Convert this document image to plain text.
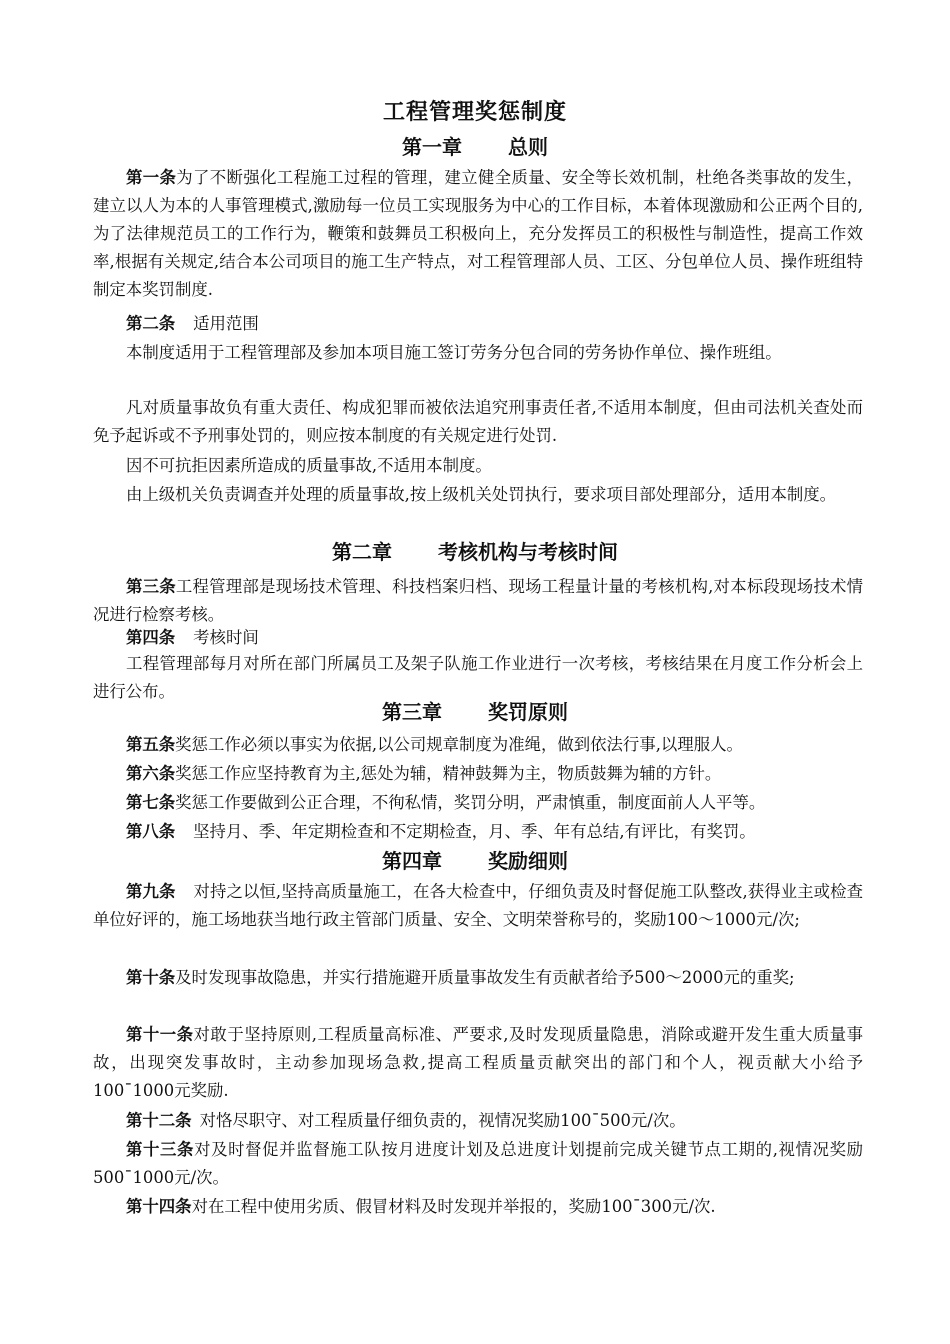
工程管理奖惩制度
第一章 总则
第一条为了不断强化工程施工过程的管理，建立健全质量、安全等长效机制，杜绝各类事故的发生，建立以人为本的人事管理模式,激励每一位员工实现服务为中心的工作目标，本着体现激励和公正两个目的,为了法律规范员工的工作行为，鞭策和鼓舞员工积极向上，充分发挥员工的积极性与制造性，提高工作效率,根据有关规定,结合本公司项目的施工生产特点，对工程管理部人员、工区、分包单位人员、操作班组特制定本奖罚制度.
第二条 适用范围
本制度适用于工程管理部及参加本项目施工签订劳务分包合同的劳务协作单位、操作班组。
凡对质量事故负有重大责任、构成犯罪而被依法追究刑事责任者,不适用本制度，但由司法机关查处而免予起诉或不予刑事处罚的，则应按本制度的有关规定进行处罚.
因不可抗拒因素所造成的质量事故,不适用本制度。
由上级机关负责调查并处理的质量事故,按上级机关处罚执行，要求项目部处理部分，适用本制度。
第二章 考核机构与考核时间
第三条工程管理部是现场技术管理、科技档案归档、现场工程量计量的考核机构,对本标段现场技术情况进行检察考核。
第四条 考核时间
工程管理部每月对所在部门所属员工及架子队施工作业进行一次考核，考核结果在月度工作分析会上进行公布。
第三章 奖罚原则
第五条奖惩工作必须以事实为依据,以公司规章制度为准绳，做到依法行事,以理服人。
第六条奖惩工作应坚持教育为主,惩处为辅，精神鼓舞为主，物质鼓舞为辅的方针。
第七条奖惩工作要做到公正合理，不徇私情，奖罚分明，严肃慎重，制度面前人人平等。
第八条 坚持月、季、年定期检查和不定期检查，月、季、年有总结,有评比，有奖罚。
第四章 奖励细则
第九条 对持之以恒,坚持高质量施工，在各大检查中，仔细负责及时督促施工队整改,获得业主或检查单位好评的，施工场地获当地行政主管部门质量、安全、文明荣誉称号的，奖励100～1000元/次;
第十条及时发现事故隐患，并实行措施避开质量事故发生有贡献者给予500～2000元的重奖;
第十一条对敢于坚持原则,工程质量高标准、严要求,及时发现质量隐患，消除或避开发生重大质量事故，出现突发事故时，主动参加现场急救,提高工程质量贡献突出的部门和个人，视贡献大小给予100¯1000元奖励.
第十二条 对恪尽职守、对工程质量仔细负责的，视情况奖励100¯500元/次。
第十三条对及时督促并监督施工队按月进度计划及总进度计划提前完成关键节点工期的,视情况奖励500¯1000元/次。
第十四条对在工程中使用劣质、假冒材料及时发现并举报的，奖励100¯300元/次.
